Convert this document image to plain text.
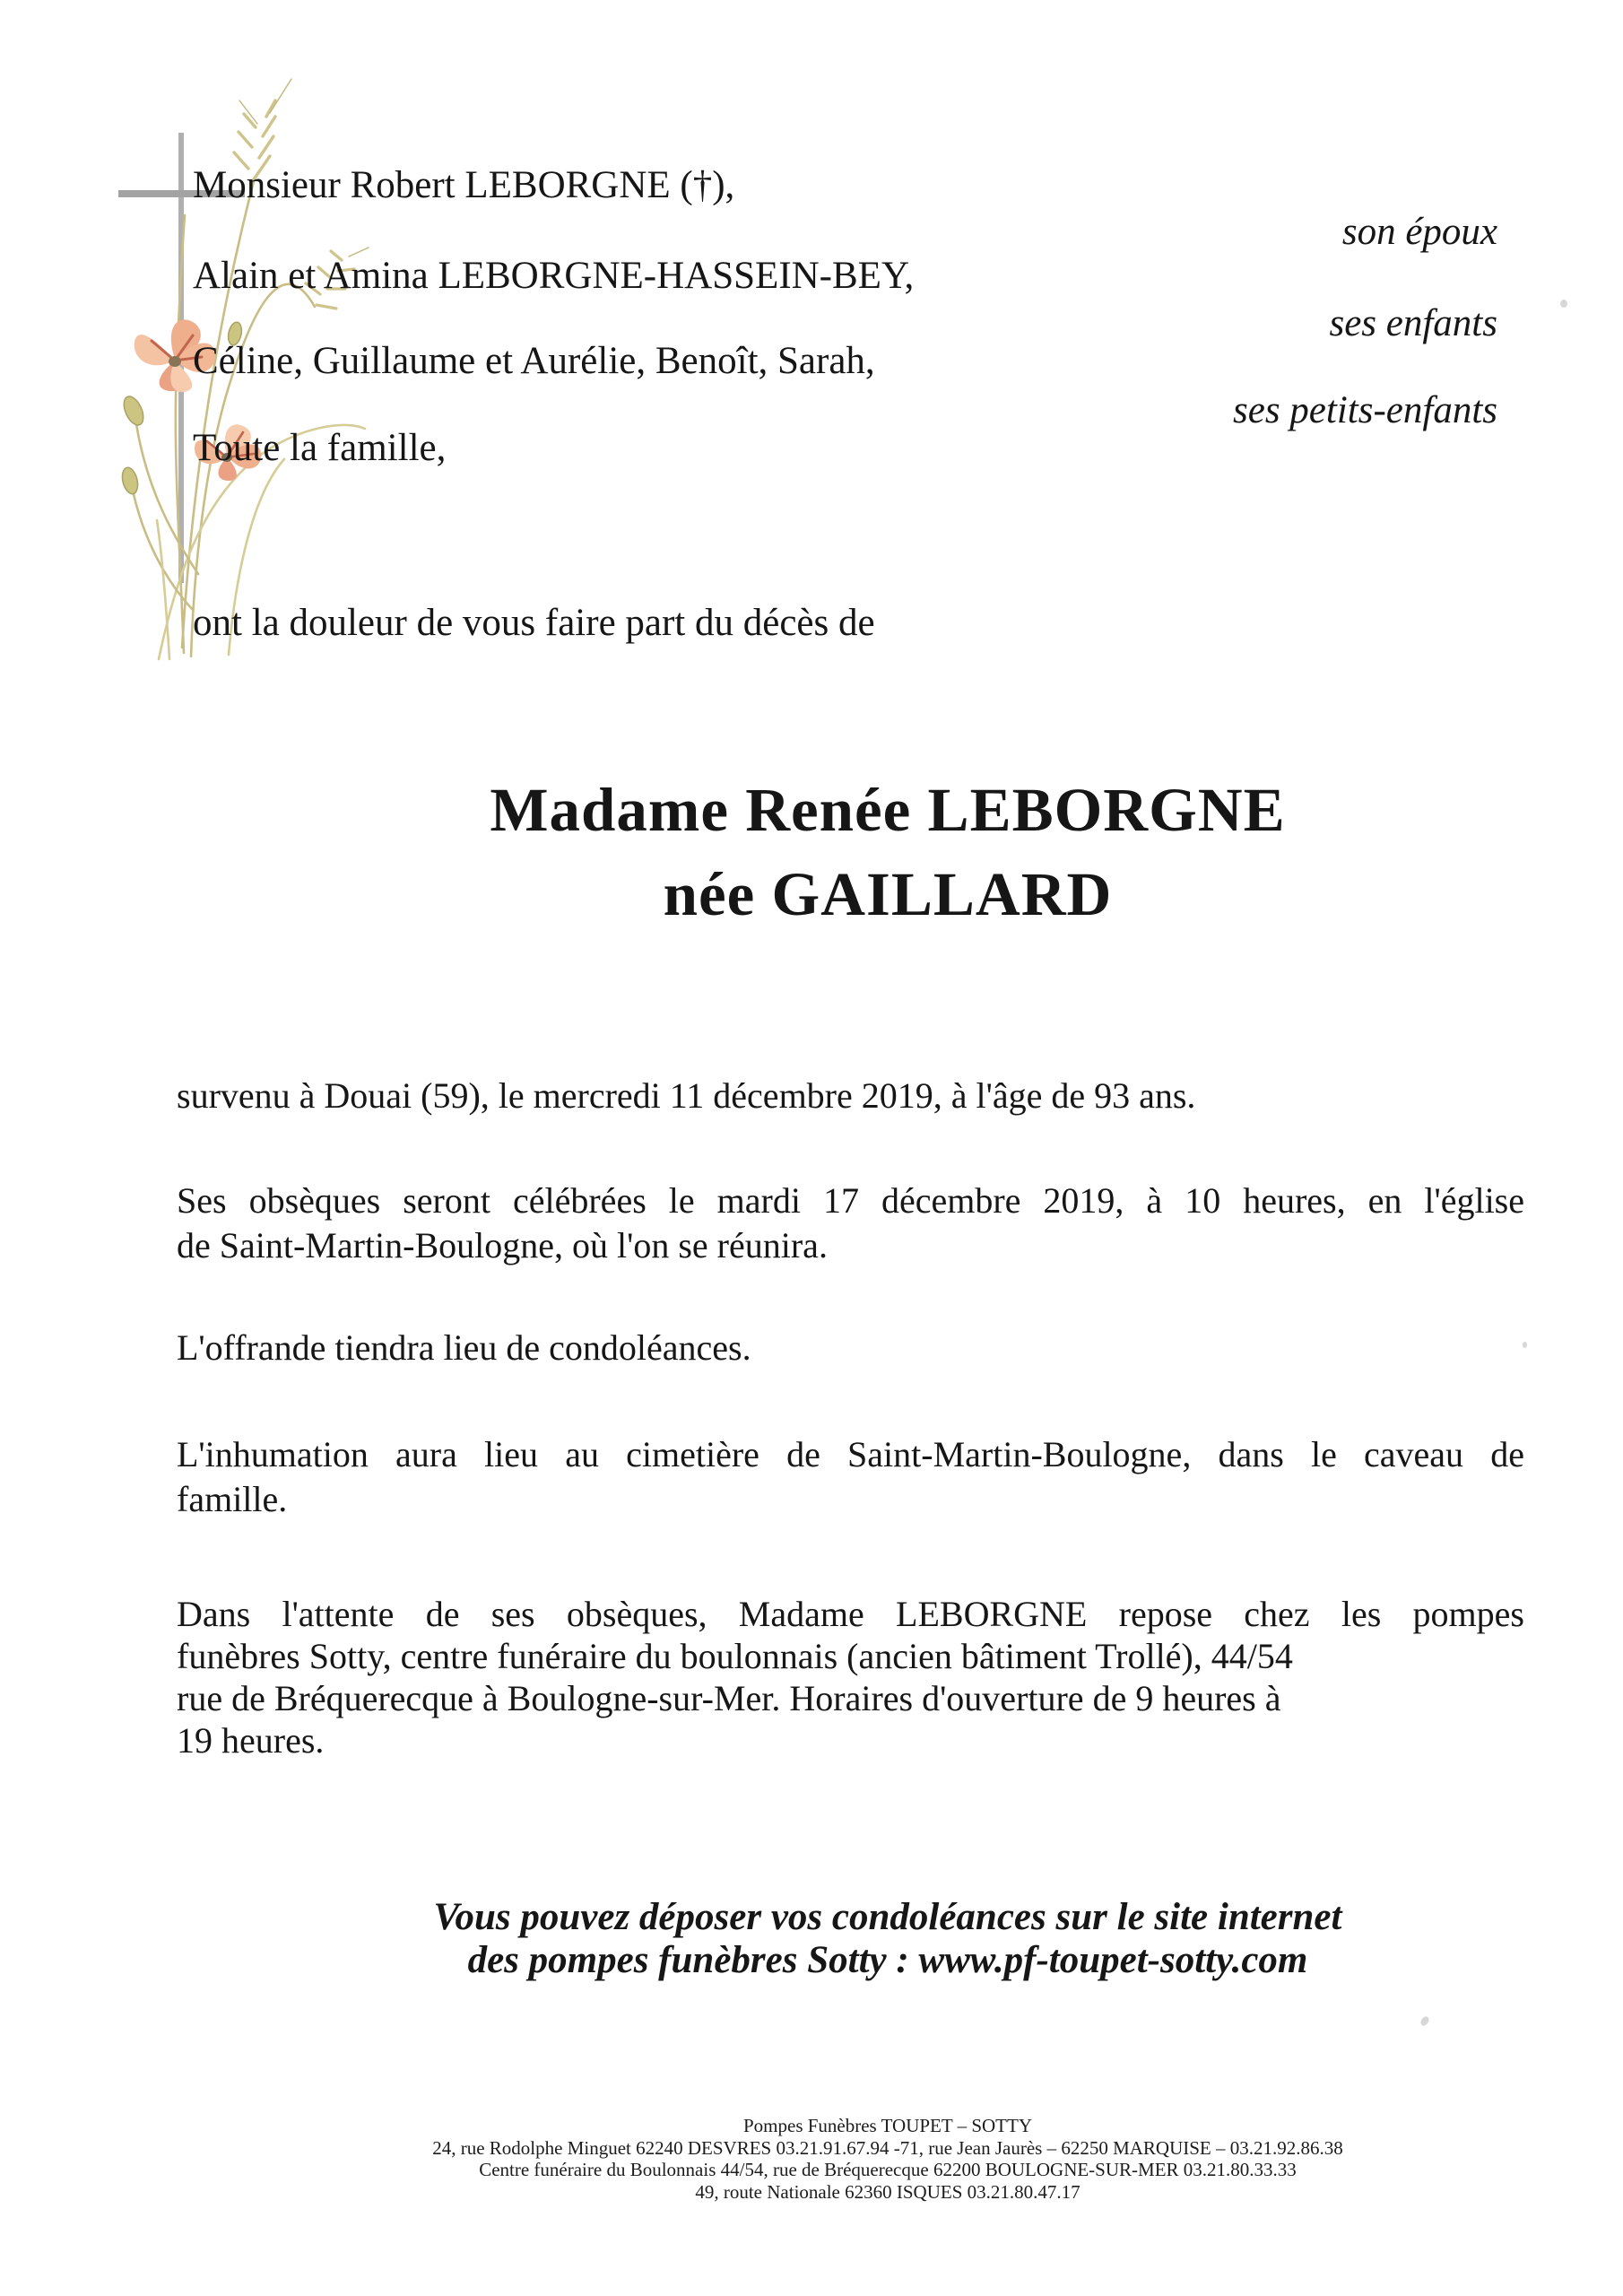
Monsieur Robert LEBORGNE (†),
son époux
Alain et Amina LEBORGNE-HASSEIN-BEY,
ses enfants
Céline, Guillaume et Aurélie, Benoît, Sarah,
ses petits-enfants
Toute la famille,
ont la douleur de vous faire part du décès de
Madame Renée LEBORGNE
née GAILLARD
survenu à Douai (59), le mercredi 11 décembre 2019, à l'âge de 93 ans.
Ses obsèques seront célébrées le mardi 17 décembre 2019, à 10 heures, en l'église
de Saint-Martin-Boulogne, où l'on se réunira.
L'offrande tiendra lieu de condoléances.
L'inhumation aura lieu au cimetière de Saint-Martin-Boulogne, dans le caveau de
famille.
Dans l'attente de ses obsèques, Madame LEBORGNE repose chez les pompes
funèbres Sotty, centre funéraire du boulonnais (ancien bâtiment Trollé), 44/54
rue de Bréquerecque à Boulogne-sur-Mer. Horaires d'ouverture de 9 heures à
19 heures.
Vous pouvez déposer vos condoléances sur le site internet
des pompes funèbres Sotty : www.pf-toupet-sotty.com
Pompes Funèbres TOUPET – SOTTY
24, rue Rodolphe Minguet 62240 DESVRES 03.21.91.67.94 -71, rue Jean Jaurès – 62250 MARQUISE – 03.21.92.86.38
Centre funéraire du Boulonnais 44/54, rue de Bréquerecque 62200 BOULOGNE-SUR-MER 03.21.80.33.33
49, route Nationale 62360 ISQUES 03.21.80.47.17
